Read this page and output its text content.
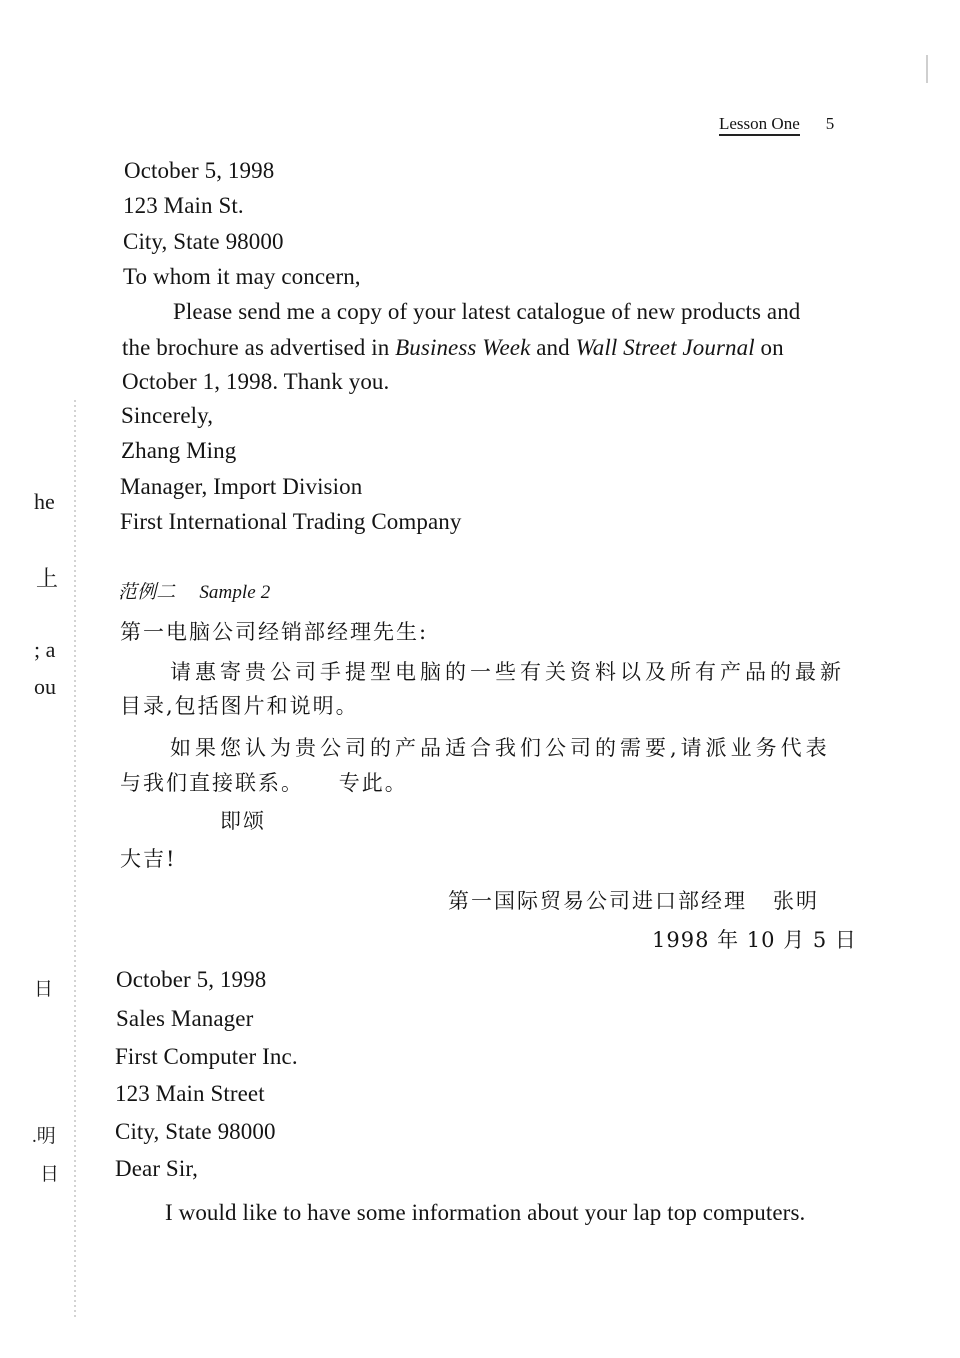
he
上
; a
ou
日
.明
日
Lesson One 5
October 5, 1998
123 Main St.
City, State 98000
To whom it may concern,
Please send me a copy of your latest catalogue of new products and
the brochure as advertised in Business Week and Wall Street Journal on
October 1, 1998. Thank you.
Sincerely,
Zhang Ming
Manager, Import Division
First International Trading Company
范例二 Sample 2
第一电脑公司经销部经理先生:
请惠寄贵公司手提型电脑的一些有关资料以及所有产品的最新
目录,包括图片和说明。
如果您认为贵公司的产品适合我们公司的需要,请派业务代表
与我们直接联系。    专此。
即颂
大吉!
第一国际贸易公司进口部经理   张明
1998 年 10 月 5 日
October 5, 1998
Sales Manager
First Computer Inc.
123 Main Street
City, State 98000
Dear Sir,
I would like to have some information about your lap top computers.
